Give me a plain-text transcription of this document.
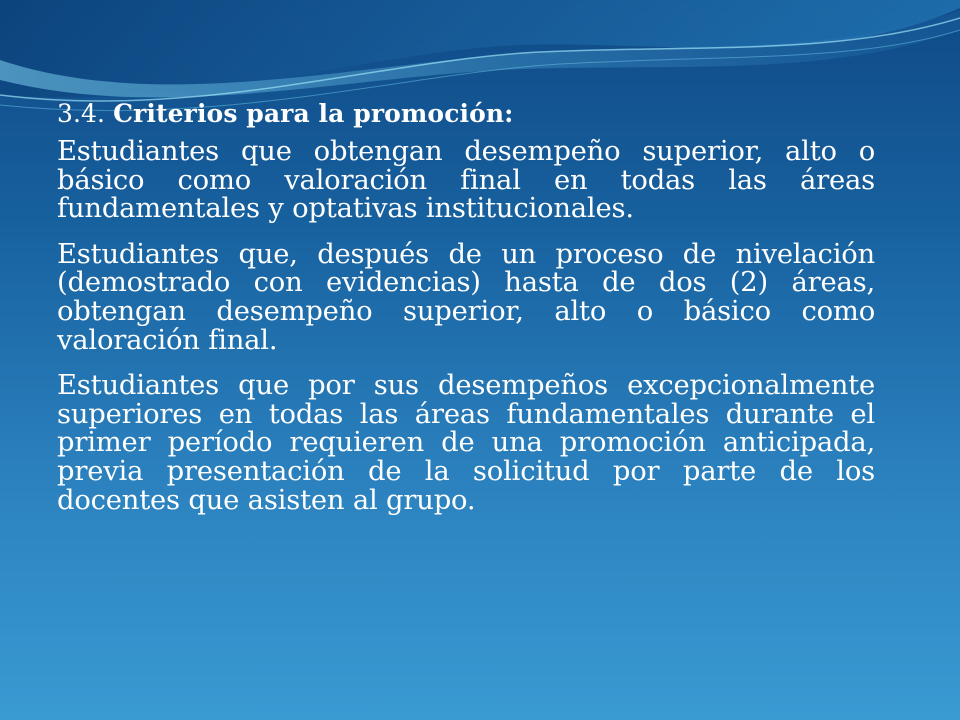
3.4. Criterios para la promoción:

Estudiantes que obtengan desempeño superior, alto o básico como valoración final en todas las áreas fundamentales y optativas institucionales.

Estudiantes que, después de un proceso de nivelación (demostrado con evidencias) hasta de dos (2) áreas, obtengan desempeño superior, alto o básico como valoración final.

Estudiantes que por sus desempeños excepcionalmente superiores en todas las áreas fundamentales durante el primer período requieren de una promoción anticipada, previa presentación de la solicitud por parte de los docentes que asisten al grupo.
